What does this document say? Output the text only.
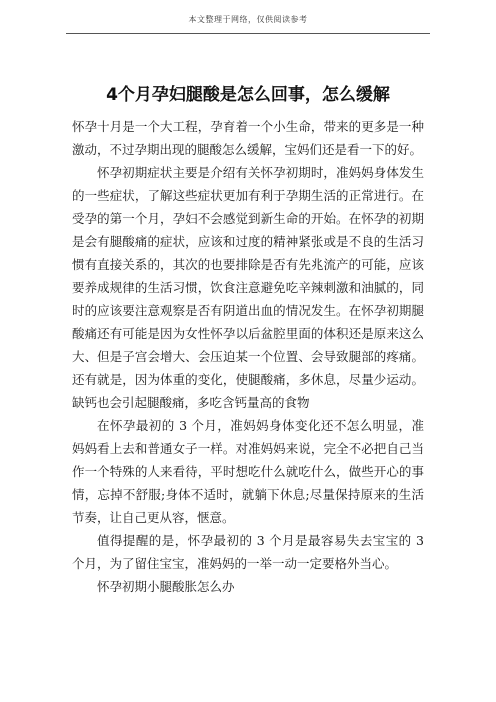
本文整理于网络，仅供阅读参考
4个月孕妇腿酸是怎么回事，怎么缓解

怀孕十月是一个大工程，孕育着一个小生命，带来的更多是一种激动，不过孕期出现的腿酸怎么缓解，宝妈们还是看一下的好。

怀孕初期症状主要是介绍有关怀孕初期时，准妈妈身体发生的一些症状，了解这些症状更加有利于孕期生活的正常进行。在受孕的第一个月，孕妇不会感觉到新生命的开始。在怀孕的初期是会有腿酸痛的症状，应该和过度的精神紧张或是不良的生活习惯有直接关系的，其次的也要排除是否有先兆流产的可能，应该要养成规律的生活习惯，饮食注意避免吃辛辣刺激和油腻的，同时的应该要注意观察是否有阴道出血的情况发生。在怀孕初期腿酸痛还有可能是因为女性怀孕以后盆腔里面的体积还是原来这么大、但是子宫会增大、会压迫某一个位置、会导致腿部的疼痛。还有就是，因为体重的变化，使腿酸痛，多休息，尽量少运动。缺钙也会引起腿酸痛，多吃含钙量高的食物

在怀孕最初的 3 个月，准妈妈身体变化还不怎么明显，准妈妈看上去和普通女子一样。对准妈妈来说，完全不必把自己当作一个特殊的人来看待，平时想吃什么就吃什么，做些开心的事情，忘掉不舒服;身体不适时，就躺下休息;尽量保持原来的生活节奏，让自己更从容，惬意。

值得提醒的是，怀孕最初的 3 个月是最容易失去宝宝的 3 个月，为了留住宝宝，准妈妈的一举一动一定要格外当心。

怀孕初期小腿酸胀怎么办
